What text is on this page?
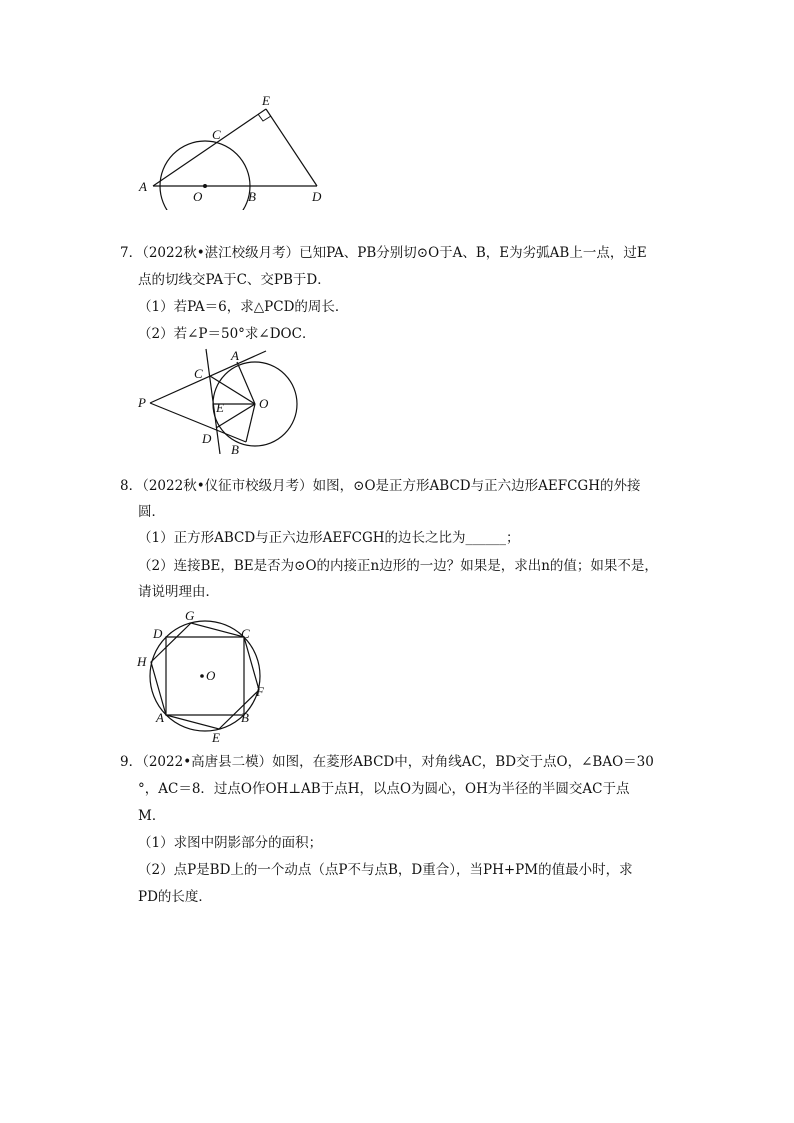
A
C
E
O	B	D
7．（2022秋•湛江校级月考）已知PA、PB分别切⊙O于A、B，E为劣弧AB上一点，过E
点的切线交PA于C、交PB于D．
（1）若PA＝6，求△PCD的周长．
（2）若∠P＝50°求∠DOC．
P
A
C
E	O
D
B
8．（2022秋•仪征市校级月考）如图，⊙O是正方形ABCD与正六边形AEFCGH的外接
圆．
（1）正方形ABCD与正六边形AEFCGH的边长之比为______；
（2）连接BE，BE是否为⊙O的内接正n边形的一边？如果是，求出n的值；如果不是，
请说明理由．
G
D	C
H
O
F
A	B
E
9．（2022•高唐县二模）如图，在菱形ABCD中，对角线AC，BD交于点O，∠BAO＝30
°，AC＝8．过点O作OH⊥AB于点H，以点O为圆心，OH为半径的半圆交AC于点
M．
（1）求图中阴影部分的面积；
（2）点P是BD上的一个动点（点P不与点B，D重合），当PH+PM的值最小时，求
PD的长度．
